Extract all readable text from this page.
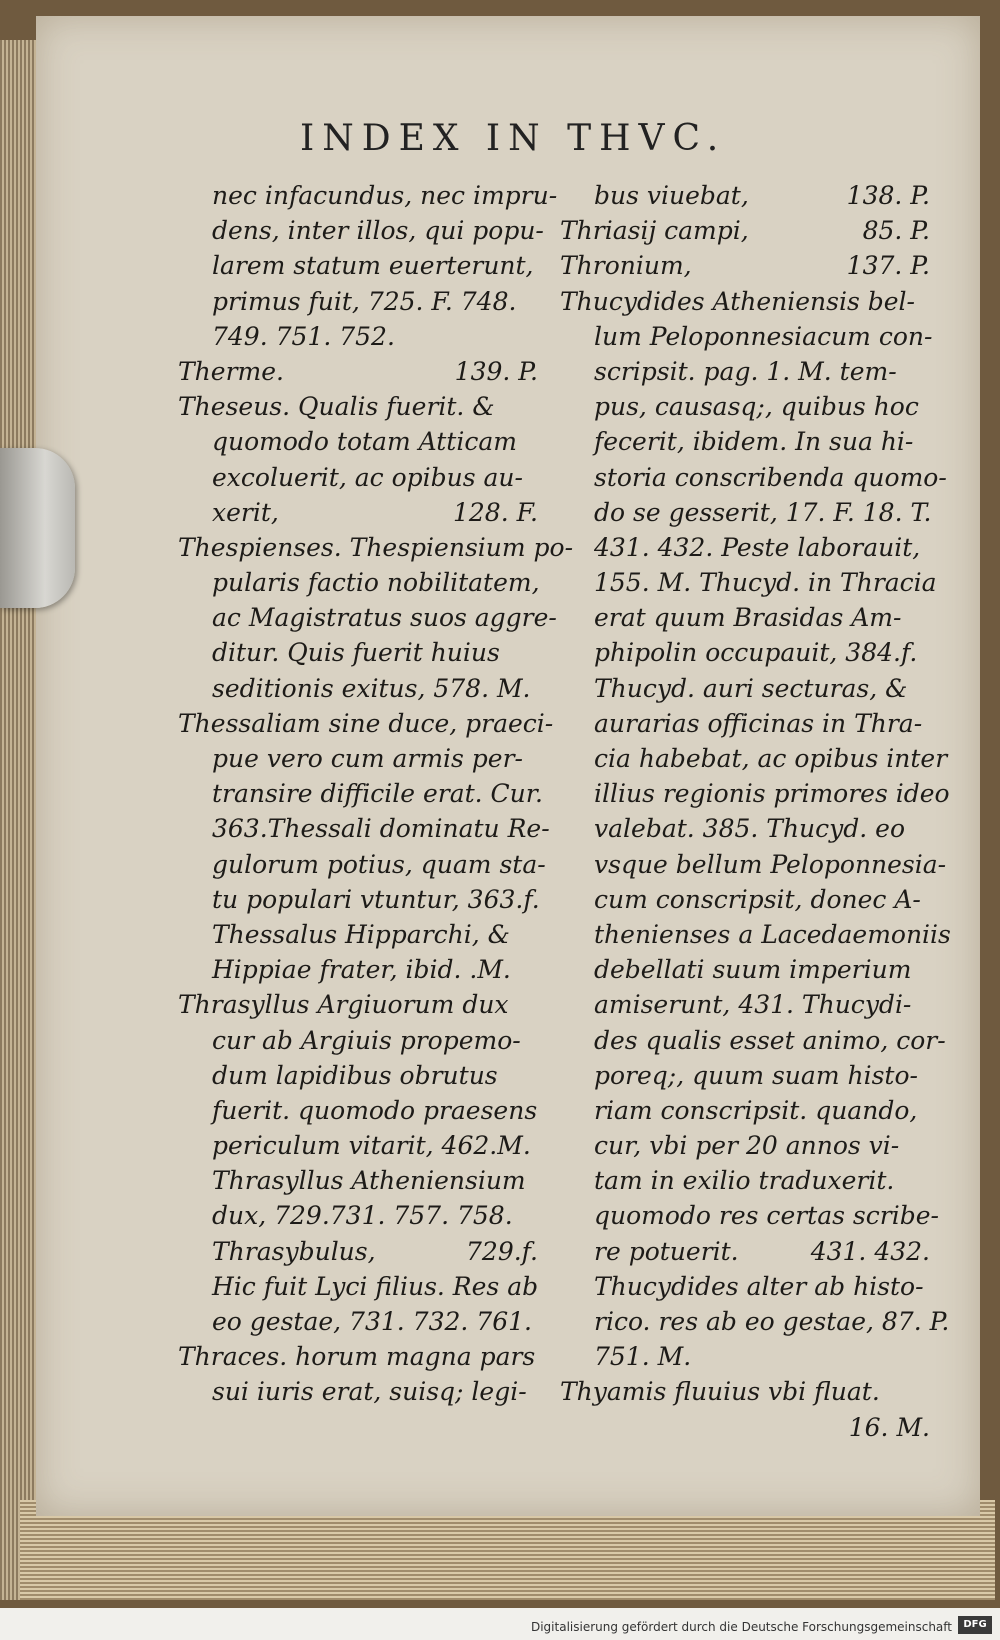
INDEX IN THVC.
nec infacundus, nec impru-
dens, inter illos, qui popu-
larem statum euerterunt,
primus fuit, 725. F. 748.
749. 751. 752.
Therme.	139. P.
Theseus. Qualis fuerit. &
quomodo totam Atticam
excoluerit, ac opibus au-
xerit,	128. F.
Thespienses. Thespiensium po-
pularis factio nobilitatem,
ac Magistratus suos aggre-
ditur. Quis fuerit huius
seditionis exitus, 578. M.
Thessaliam sine duce, praeci-
pue vero cum armis per-
transire difficile erat. Cur.
363.Thessali dominatu Re-
gulorum potius, quam sta-
tu populari vtuntur, 363.f.
Thessalus Hipparchi, &
Hippiae frater, ibid. .M.
Thrasyllus Argiuorum dux
cur ab Argiuis propemo-
dum lapidibus obrutus
fuerit. quomodo praesens
periculum vitarit, 462.M.
Thrasyllus Atheniensium
dux, 729.731. 757. 758.
Thrasybulus,	729.f.
Hic fuit Lyci filius. Res ab
eo gestae, 731. 732. 761.
Thraces. horum magna pars
sui iuris erat, suisq; legi-
bus viuebat,	138. P.
Thriasij campi,	85. P.
Thronium,	137. P.
Thucydides Atheniensis bel-
lum Peloponnesiacum con-
scripsit. pag. 1. M. tem-
pus, causasq;, quibus hoc
fecerit, ibidem. In sua hi-
storia conscribenda quomo-
do se gesserit, 17. F. 18. T.
431. 432. Peste laborauit,
155. M. Thucyd. in Thracia
erat quum Brasidas Am-
phipolin occupauit, 384.f.
Thucyd. auri secturas, &
aurarias officinas in Thra-
cia habebat, ac opibus inter
illius regionis primores ideo
valebat. 385. Thucyd. eo
vsque bellum Peloponnesia-
cum conscripsit, donec A-
thenienses a Lacedaemoniis
debellati suum imperium
amiserunt, 431. Thucydi-
des qualis esset animo, cor-
poreq;, quum suam histo-
riam conscripsit. quando,
cur, vbi per 20 annos vi-
tam in exilio traduxerit.
quomodo res certas scribe-
re potuerit.	431. 432.
Thucydides alter ab histo-
rico. res ab eo gestae, 87. P.
751. M.
Thyamis fluuius vbi fluat.
16. M.
Digitalisierung gefördert durch die Deutsche Forschungsgemeinschaft	DFG
